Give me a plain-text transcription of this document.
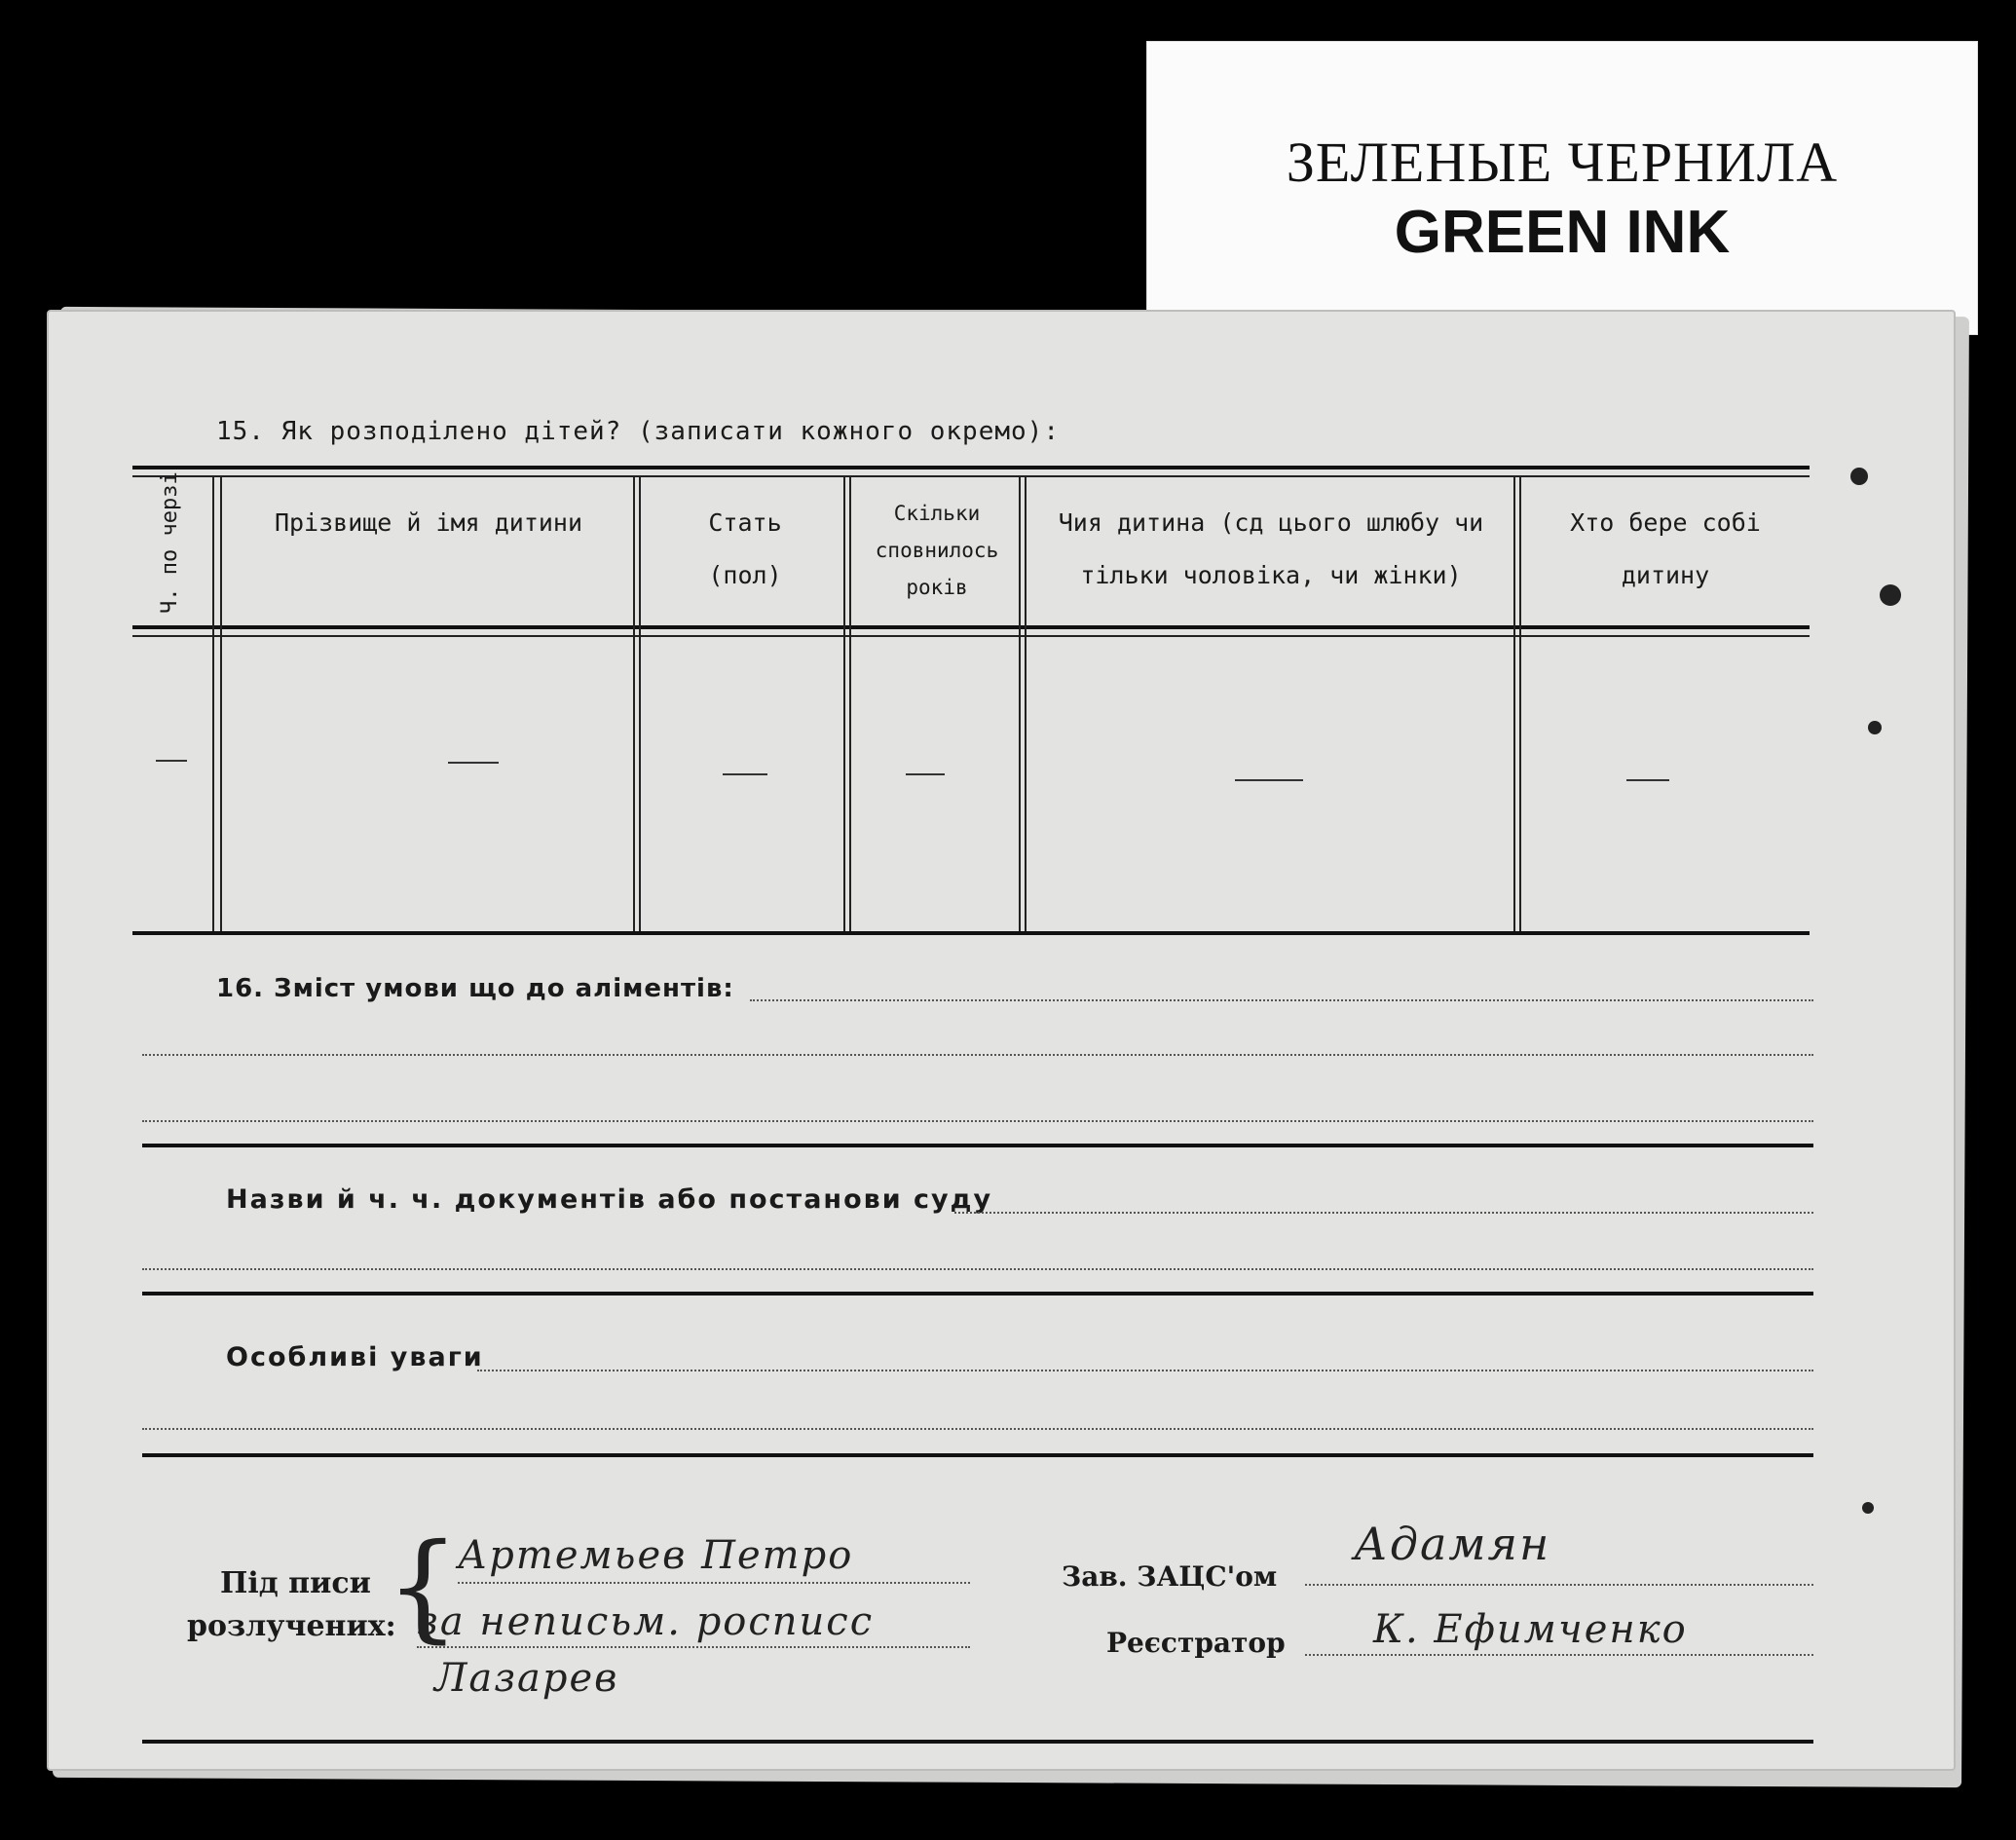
ЗЕЛЕНЫЕ ЧЕРНИЛА
GREEN INK
15. Як розподілено дітей? (записати кожного окремо):
Ч. по черзі	Прізвище й імя дитини	Стать (пол)
Скільки сповнилось років
Чия дитина (сд цього шлюбу чи тільки чоловіка, чи жінки)
Хто бере собі дитину
16. Зміст умови що до аліментів:
Назви й ч. ч. документів або постанови суду
Особливі уваги
Під писи
розлучених:
{
Артемьев Петро
за неписьм. росписс
Лазарев
Зав. ЗАЦС'ом
Адамян
Реєстратор К. Ефимченко
